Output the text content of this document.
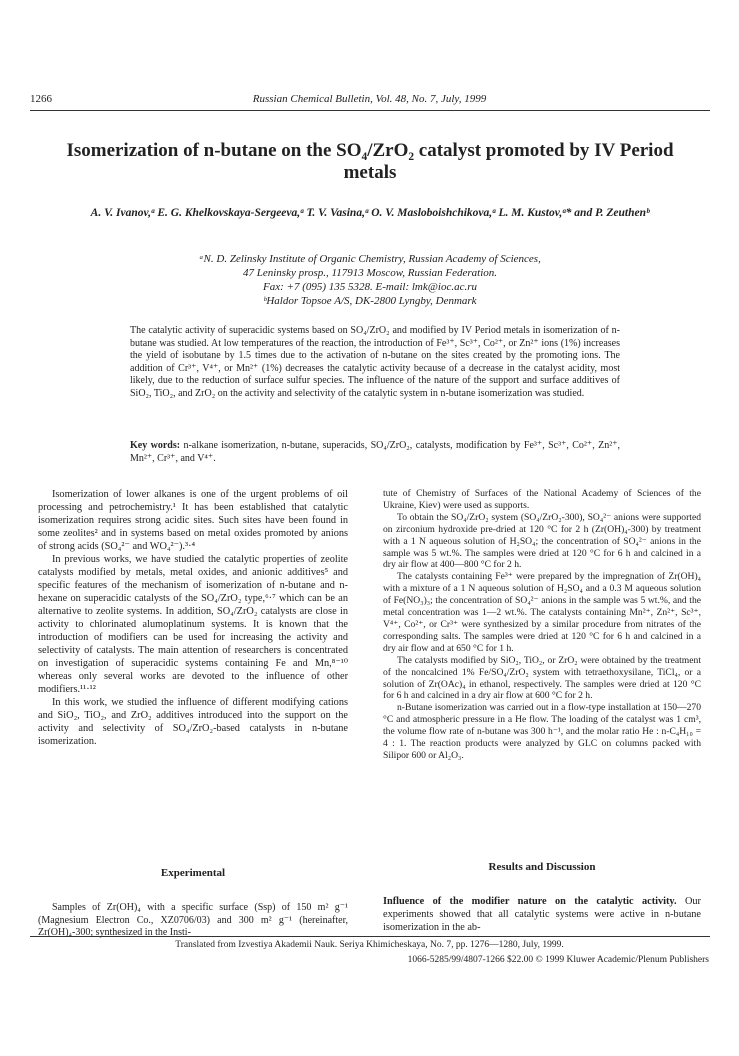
1266	Russian Chemical Bulletin, Vol. 48, No. 7, July, 1999
Isomerization of n-butane on the SO₄/ZrO₂ catalyst promoted by IV Period metals
A. V. Ivanov,ᵃ E. G. Khelkovskaya-Sergeeva,ᵃ T. V. Vasina,ᵃ O. V. Masloboishchikova,ᵃ L. M. Kustov,ᵃ* and P. Zeuthenᵇ
ᵃN. D. Zelinsky Institute of Organic Chemistry, Russian Academy of Sciences,
47 Leninsky prosp., 117913 Moscow, Russian Federation.
Fax: +7 (095) 135 5328. E-mail: lmk@ioc.ac.ru
ᵇHaldor Topsoe A/S, DK-2800 Lyngby, Denmark
The catalytic activity of superacidic systems based on SO₄/ZrO₂ and modified by IV Period metals in isomerization of n-butane was studied. At low temperatures of the reaction, the introduction of Fe³⁺, Sc³⁺, Co²⁺, or Zn²⁺ ions (1%) increases the yield of isobutane by 1.5 times due to the activation of n-butane on the sites created by the promoting ions. The addition of Cr³⁺, V⁴⁺, or Mn²⁺ (1%) decreases the catalytic activity because of a decrease in the catalyst acidity, most likely, due to the reduction of surface sulfur species. The influence of the nature of the support and surface additives of SiO₂, TiO₂, and ZrO₂ on the activity and selectivity of the catalytic system in n-butane isomerization was studied.
Key words: n-alkane isomerization, n-butane, superacids, SO₄/ZrO₂, catalysts, modification by Fe³⁺, Sc³⁺, Co²⁺, Zn²⁺, Mn²⁺, Cr³⁺, and V⁴⁺.

Isomerization of lower alkanes is one of the urgent problems of oil processing and petrochemistry.¹ It has been established that catalytic isomerization requires strong acidic sites. Such sites have been found in some zeolites² and in systems based on metal oxides promoted by anions of strong acids (SO₄²⁻ and WO₄²⁻).³·⁴

In previous works, we have studied the catalytic properties of zeolite catalysts modified by metals, metal oxides, and anionic additives⁵ and specific features of the mechanism of isomerization of n-butane and n-hexane on superacidic catalysts of the SO₄/ZrO₂ type,⁶·⁷ which can be an alternative to zeolite systems. In addition, SO₄/ZrO₂ catalysts are close in activity to chlorinated alumoplatinum systems. It is known that the introduction of modifiers can be used for increasing the activity and selectivity of catalysts. The main attention of researchers is concentrated on investigation of superacidic systems containing Fe and Mn,⁸⁻¹⁰ whereas only several works are devoted to the influence of other modifiers.¹¹·¹²

In this work, we studied the influence of different modifying cations and SiO₂, TiO₂, and ZrO₂ additives introduced into the support on the activity and selectivity of SO₄/ZrO₂-based catalysts in n-butane isomerization.

Experimental
Samples of Zr(OH)₄ with a specific surface (Ssp) of 150 m² g⁻¹ (Magnesium Electron Co., XZ0706/03) and 300 m² g⁻¹ (hereinafter, Zr(OH)₄-300; synthesized in the Insti-

tute of Chemistry of Surfaces of the National Academy of Sciences of the Ukraine, Kiev) were used as supports.

To obtain the SO₄/ZrO₂ system (SO₄/ZrO₂-300), SO₄²⁻ anions were supported on zirconium hydroxide pre-dried at 120 °C for 2 h (Zr(OH)₄-300) by treatment with a 1 N aqueous solution of H₂SO₄; the concentration of SO₄²⁻ anions in the sample was 5 wt.%. The samples were dried at 120 °C for 6 h and calcined in a dry air flow at 400—800 °C for 2 h.

The catalysts containing Fe³⁺ were prepared by the impregnation of Zr(OH)₄ with a mixture of a 1 N aqueous solution of H₂SO₄ and a 0.3 M aqueous solution of Fe(NO₃)₃; the concentration of SO₄²⁻ anions in the sample was 5 wt.%, and the metal concentration was 1—2 wt.%. The catalysts containing Mn²⁺, Zn²⁺, Sc³⁺, V⁴⁺, Co²⁺, or Cr³⁺ were synthesized by a similar procedure from nitrates of the corresponding salts. The samples were dried at 120 °C for 6 h and calcined in a dry air flow and at 650 °C for 1 h.

The catalysts modified by SiO₂, TiO₂, or ZrO₂ were obtained by the treatment of the noncalcined 1% Fe/SO₄/ZrO₂ system with tetraethoxysilane, TiCl₄, or a solution of Zr(OAc)₄ in ethanol, respectively. The samples were dried at 120 °C for 6 h and calcined in a dry air flow at 600 °C for 2 h.

n-Butane isomerization was carried out in a flow-type installation at 150—270 °C and atmospheric pressure in a He flow. The loading of the catalyst was 1 cm³, the volume flow rate of n-butane was 300 h⁻¹, and the molar ratio He : n-C₄H₁₀ = 4 : 1. The reaction products were analyzed by GLC on columns packed with Silipor 600 or Al₂O₃.

Results and Discussion
Influence of the modifier nature on the catalytic activity. Our experiments showed that all catalytic systems were active in n-butane isomerization in the ab-
Translated from Izvestiya Akademii Nauk. Seriya Khimicheskaya, No. 7, pp. 1276—1280, July, 1999.
1066-5285/99/4807-1266 $22.00 © 1999 Kluwer Academic/Plenum Publishers
